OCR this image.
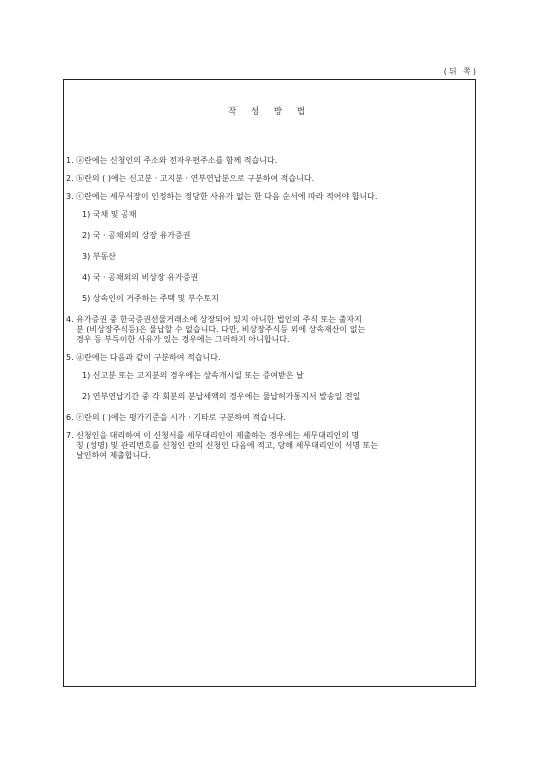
(뒤 쪽)
작 성 방 법
1. ⓐ란에는 신청인의 주소와 전자우편주소를 함께 적습니다.
2. ⓑ란의 ( )에는 신고분 · 고지분 · 연부연납분으로 구분하여 적습니다.
3. ⓒ란에는 세무서장이 인정하는 정당한 사유가 없는 한 다음 순서에 따라 적어야 합니다.
1) 국채 및 공채
2) 국 · 공채외의 상장 유가증권
3) 부동산
4) 국 · 공채외의 비상장 유가증권
5) 상속인이 거주하는 주택 및 부수토지
4. 유가증권 중 한국증권선물거래소에 상장되어 있지 아니한 법인의 주식 또는 출자지
분 (비상장주식등)은 물납할 수 없습니다. 다만, 비상장주식등 외에 상속재산이 없는
경우 등 부득이한 사유가 있는 경우에는 그러하지 아니합니다.
5. ⓓ란에는 다음과 같이 구분하여 적습니다.
1) 신고분 또는 고지분의 경우에는 상속개시일 또는 증여받은 날
2) 연부연납기간 중 각 회분의 분납세액의 경우에는 물납허가통지서 발송일 전일
6. ⓔ란의 ( )에는 평가기준을 시가 · 기타로 구분하여 적습니다.
7. 신청인을 대리하여 이 신청서를 세무대리인이 제출하는 경우에는 세무대리인의 명
칭 (성명) 및 관리번호를 신청인 란의 신청인 다음에 적고, 당해 세무대리인이 서명 또는
날인하여 제출합니다.
